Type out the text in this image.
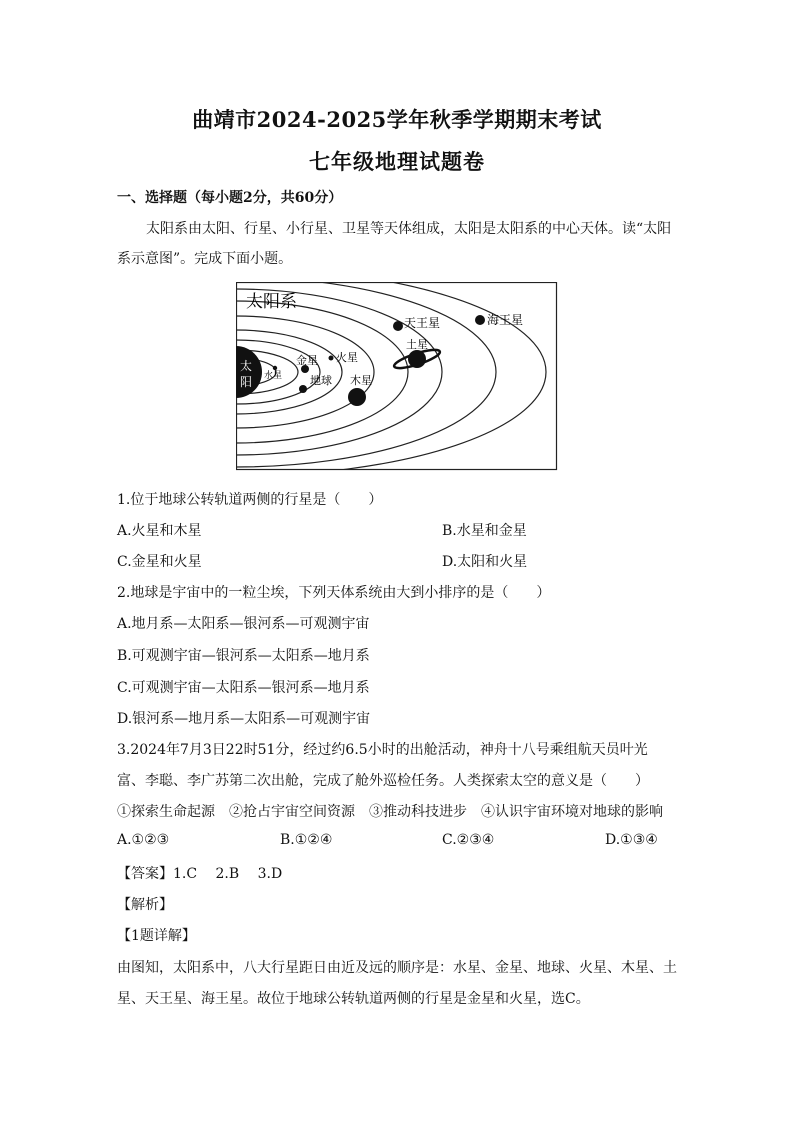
曲靖市2024-2025学年秋季学期期末考试
七年级地理试题卷
一、选择题（每小题2分，共60分）
太阳系由太阳、行星、小行星、卫星等天体组成，太阳是太阳系的中心天体。读“太阳
系示意图”。完成下面小题。
太阳系
太
阳 水星
金星
地球
火星
木星
土星
天王星	海王星
1.位于地球公转轨道两侧的行星是（　　）
A.火星和木星	B.水星和金星
C.金星和火星	D.太阳和火星
2.地球是宇宙中的一粒尘埃，下列天体系统由大到小排序的是（　　）
A.地月系—太阳系—银河系—可观测宇宙
B.可观测宇宙—银河系—太阳系—地月系
C.可观测宇宙—太阳系—银河系—地月系
D.银河系—地月系—太阳系—可观测宇宙
3.2024年7月3日22时51分，经过约6.5小时的出舱活动，神舟十八号乘组航天员叶光
富、李聪、李广苏第二次出舱，完成了舱外巡检任务。人类探索太空的意义是（　　）
①探索生命起源　②抢占宇宙空间资源　③推动科技进步　④认识宇宙环境对地球的影响
A.①②③	B.①②④	C.②③④	D.①③④
【答案】1.C　 2.B　 3.D
【解析】
【1题详解】
由图知，太阳系中，八大行星距日由近及远的顺序是：水星、金星、地球、火星、木星、土
星、天王星、海王星。故位于地球公转轨道两侧的行星是金星和火星，选C。
